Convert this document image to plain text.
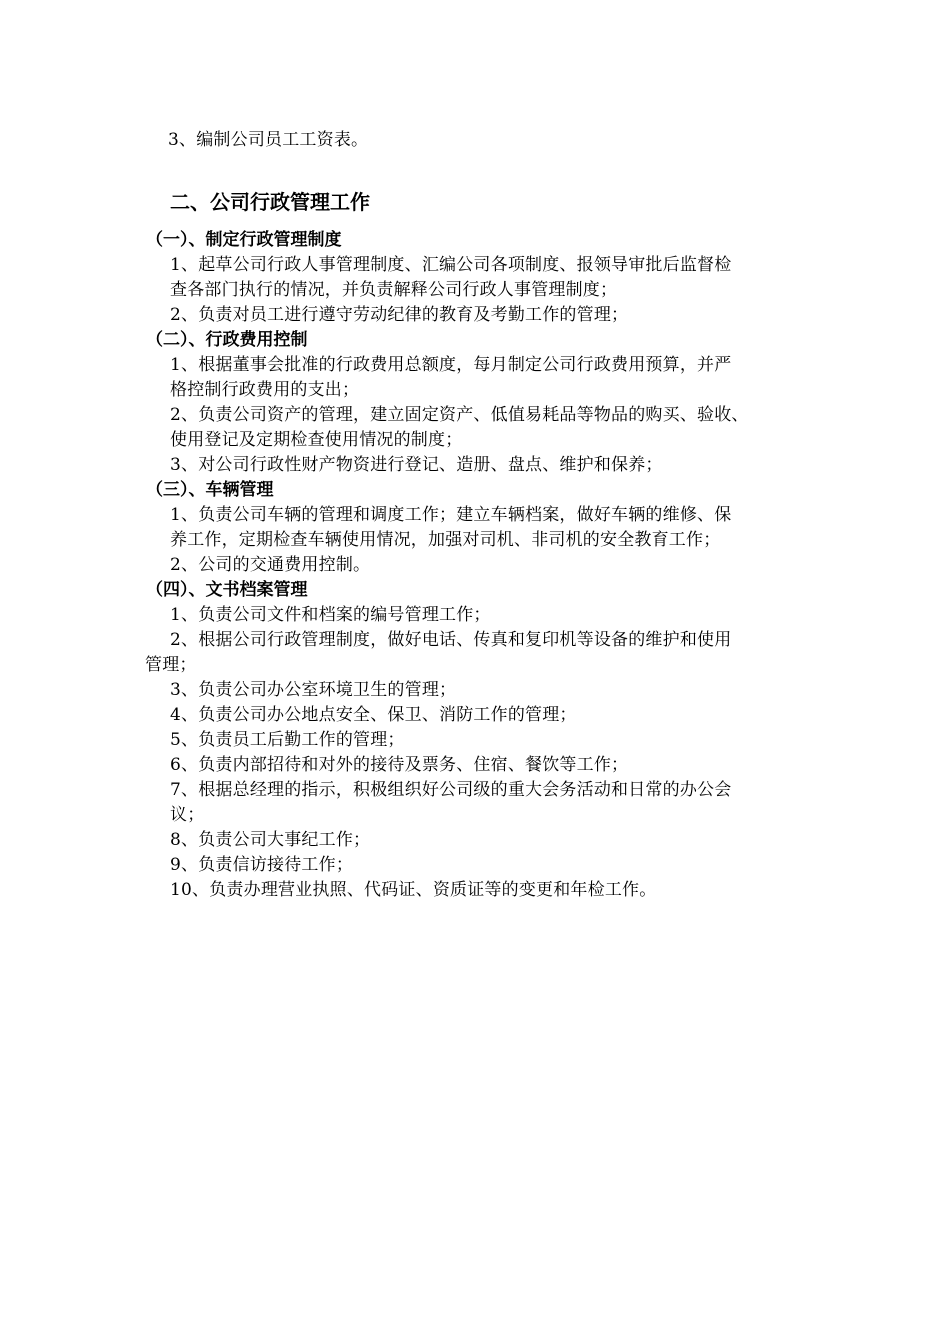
3、编制公司员工工资表。
二、公司行政管理工作
（一）、制定行政管理制度
1、起草公司行政人事管理制度、汇编公司各项制度、报领导审批后监督检
查各部门执行的情况，并负责解释公司行政人事管理制度；
2、负责对员工进行遵守劳动纪律的教育及考勤工作的管理；
（二）、行政费用控制
1、根据董事会批准的行政费用总额度，每月制定公司行政费用预算，并严
格控制行政费用的支出；
2、负责公司资产的管理，建立固定资产、低值易耗品等物品的购买、验收、
使用登记及定期检查使用情况的制度；
3、对公司行政性财产物资进行登记、造册、盘点、维护和保养；
（三）、车辆管理
1、负责公司车辆的管理和调度工作；建立车辆档案，做好车辆的维修、保
养工作，定期检查车辆使用情况，加强对司机、非司机的安全教育工作；
2、公司的交通费用控制。
（四）、文书档案管理
1、负责公司文件和档案的编号管理工作；
2、根据公司行政管理制度，做好电话、传真和复印机等设备的维护和使用
管理；
3、负责公司办公室环境卫生的管理；
4、负责公司办公地点安全、保卫、消防工作的管理；
5、负责员工后勤工作的管理；
6、负责内部招待和对外的接待及票务、住宿、餐饮等工作；
7、根据总经理的指示，积极组织好公司级的重大会务活动和日常的办公会
议；
8、负责公司大事纪工作；
9、负责信访接待工作；
10、负责办理营业执照、代码证、资质证等的变更和年检工作。
